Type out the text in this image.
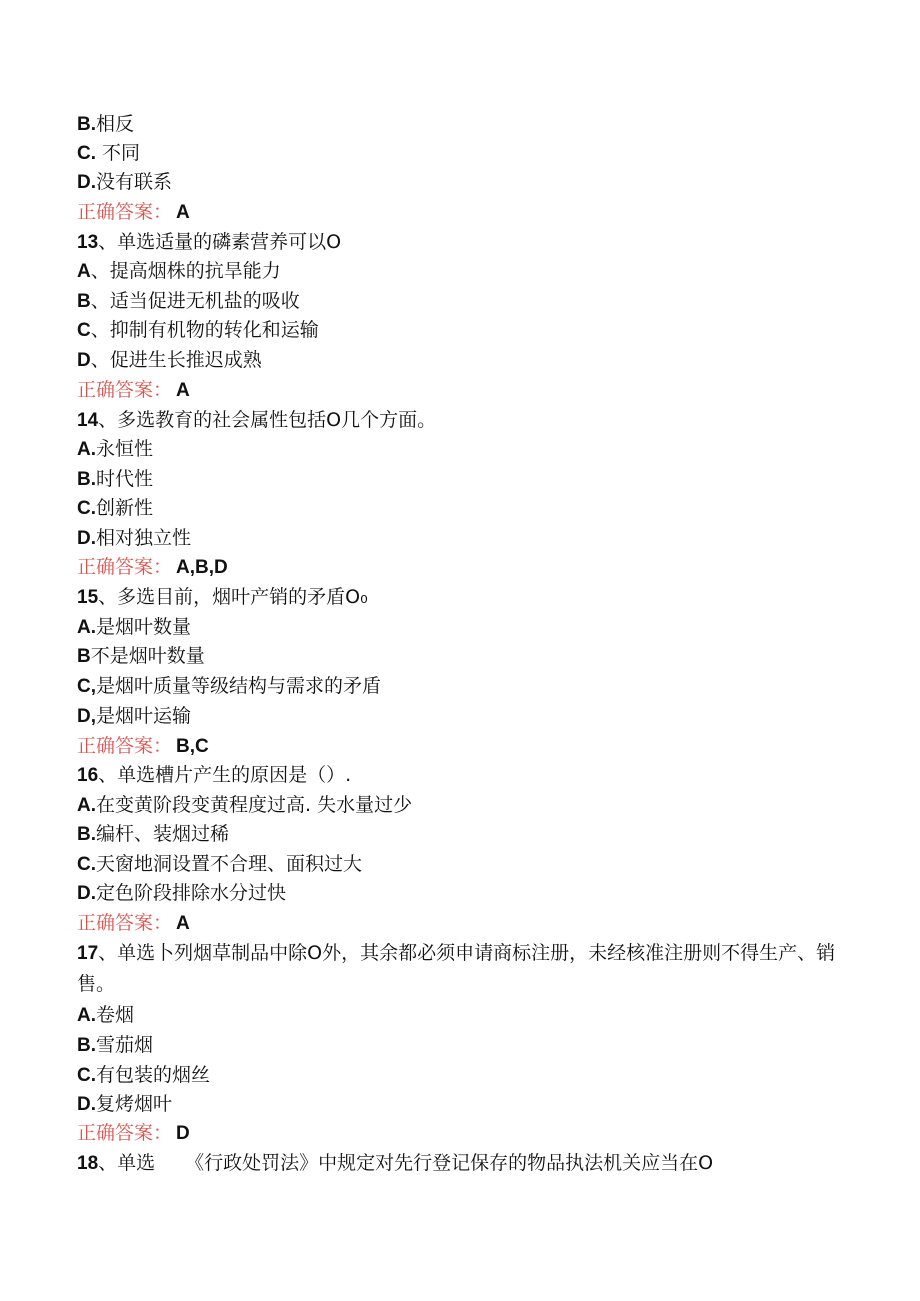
B.相反
C. 不同
D.没有联系
正确答案： A
13、单选适量的磷素营养可以O
A、提高烟株的抗旱能力
B、适当促进无机盐的吸收
C、抑制有机物的转化和运输
D、促进生长推迟成熟
正确答案： A
14、多选教育的社会属性包括O几个方面。
A.永恒性
B.时代性
C.创新性
D.相对独立性
正确答案： A,B,D
15、多选目前，烟叶产销的矛盾O₀
A.是烟叶数量
B不是烟叶数量
C,是烟叶质量等级结构与需求的矛盾
D,是烟叶运输
正确答案： B,C
16、单选槽片产生的原因是（）.
A.在变黄阶段变黄程度过高. 失水量过少
B.编杆、装烟过稀
C.天窗地洞设置不合理、面积过大
D.定色阶段排除水分过快
正确答案： A
17、单选卜列烟草制品中除O外，其余都必须申请商标注册，未经核准注册则不得生产、销售。
A.卷烟
B.雪茄烟
C.有包装的烟丝
D.复烤烟叶
正确答案： D
18、单选 《行政处罚法》中规定对先行登记保存的物品执法机关应当在O
